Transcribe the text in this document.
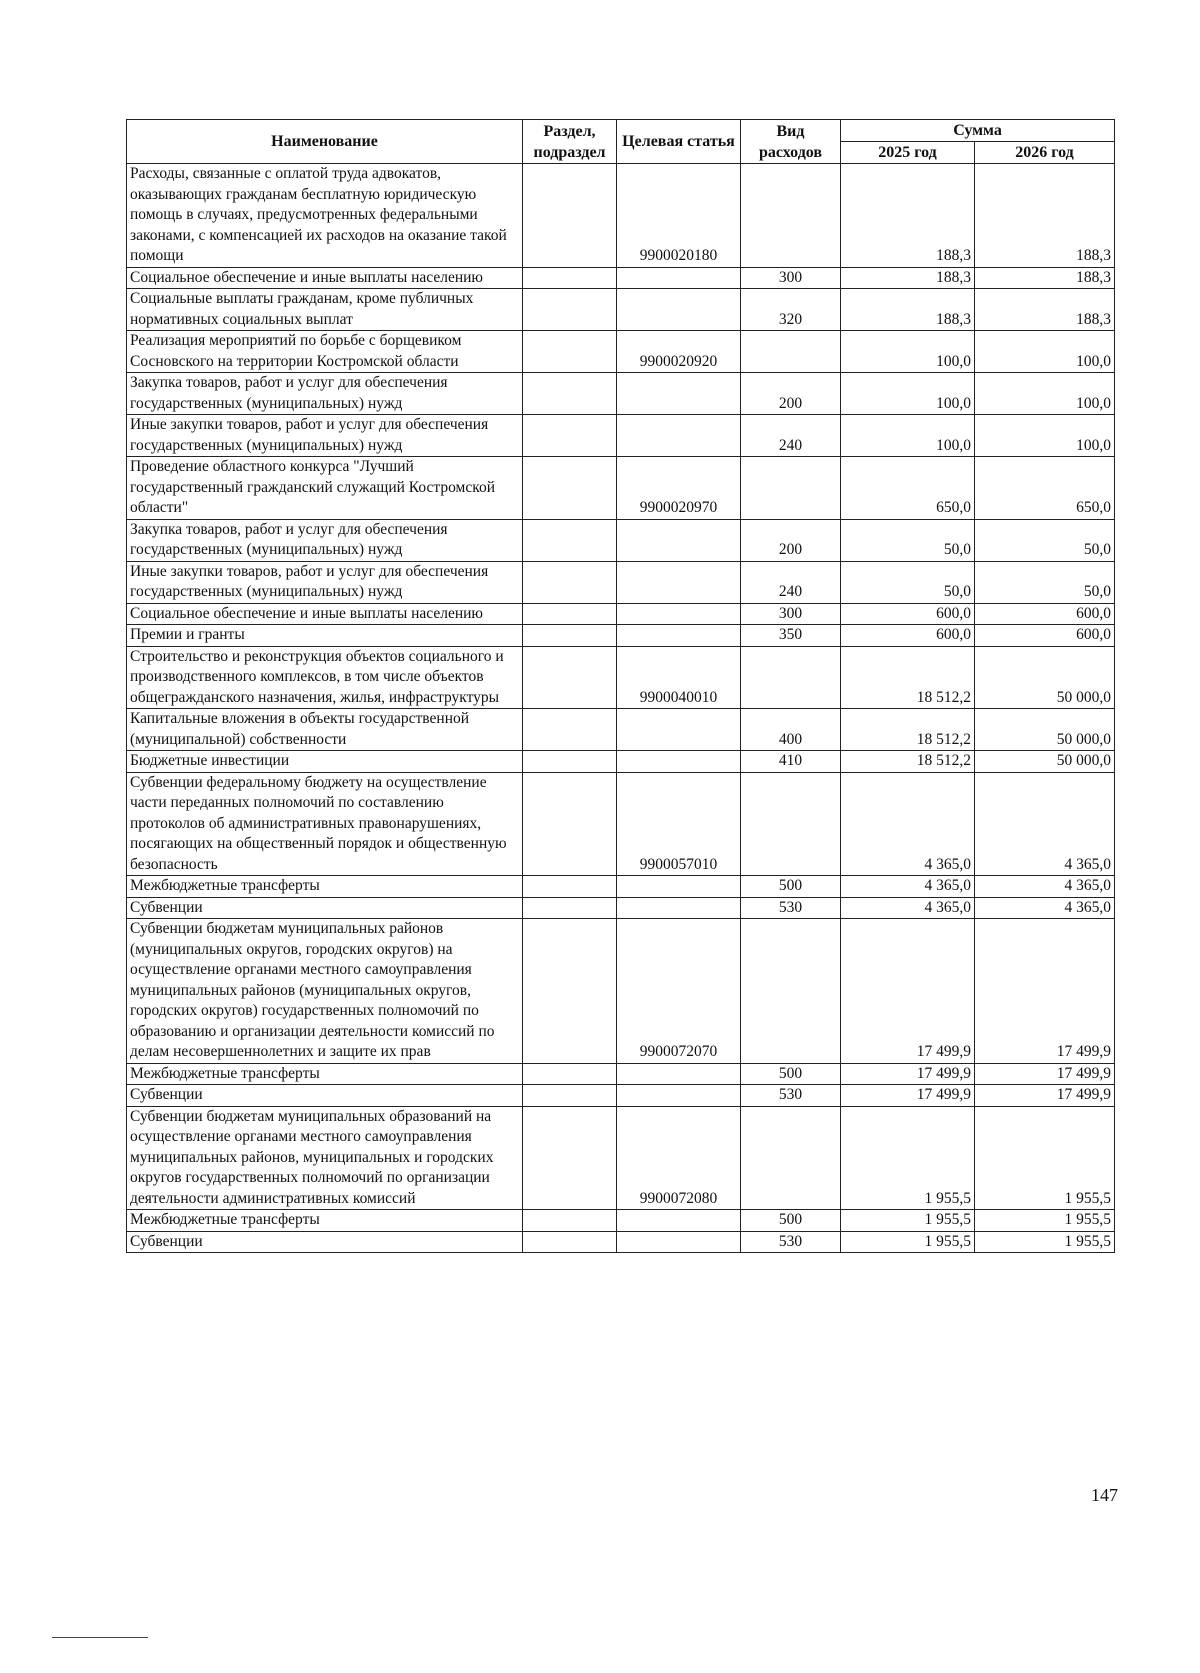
Наименование	Раздел, подраздел	Целевая статья	Вид расходов	Сумма	
				2025 год	2026 год
Расходы, связанные с оплатой труда адвокатов, оказывающих гражданам бесплатную юридическую помощь в случаях, предусмотренных федеральными законами, с компенсацией их расходов на оказание такой помощи		9900020180		188,3	188,3
Социальное обеспечение и иные выплаты населению			300	188,3	188,3
Социальные выплаты гражданам, кроме публичных нормативных социальных выплат			320	188,3	188,3
Реализация мероприятий по борьбе с борщевиком Сосновского на территории Костромской области		9900020920		100,0	100,0
Закупка товаров, работ и услуг для обеспечения государственных (муниципальных) нужд			200	100,0	100,0
Иные закупки товаров, работ и услуг для обеспечения государственных (муниципальных) нужд			240	100,0	100,0
Проведение областного конкурса "Лучший государственный гражданский служащий Костромской области"		9900020970		650,0	650,0
Закупка товаров, работ и услуг для обеспечения государственных (муниципальных) нужд			200	50,0	50,0
Иные закупки товаров, работ и услуг для обеспечения государственных (муниципальных) нужд			240	50,0	50,0
Социальное обеспечение и иные выплаты населению			300	600,0	600,0
Премии и гранты			350	600,0	600,0
Строительство и реконструкция объектов социального и производственного комплексов, в том числе объектов общегражданского назначения, жилья, инфраструктуры		9900040010		18 512,2	50 000,0
Капитальные вложения в объекты государственной (муниципальной) собственности			400	18 512,2	50 000,0
Бюджетные инвестиции			410	18 512,2	50 000,0
Субвенции федеральному бюджету на осуществление части переданных полномочий по составлению протоколов об административных правонарушениях, посягающих на общественный порядок и общественную безопасность		9900057010		4 365,0	4 365,0
Межбюджетные трансферты			500	4 365,0	4 365,0
Субвенции			530	4 365,0	4 365,0
Субвенции бюджетам муниципальных районов (муниципальных округов, городских округов) на осуществление органами местного самоуправления муниципальных районов (муниципальных округов, городских округов) государственных полномочий по образованию и организации деятельности комиссий по делам несовершеннолетних и защите их прав		9900072070		17 499,9	17 499,9
Межбюджетные трансферты			500	17 499,9	17 499,9
Субвенции			530	17 499,9	17 499,9
Субвенции бюджетам муниципальных образований на осуществление органами местного самоуправления муниципальных районов, муниципальных и городских округов государственных полномочий по организации деятельности административных комиссий		9900072080		1 955,5	1 955,5
Межбюджетные трансферты			500	1 955,5	1 955,5
Субвенции			530	1 955,5	1 955,5
147
